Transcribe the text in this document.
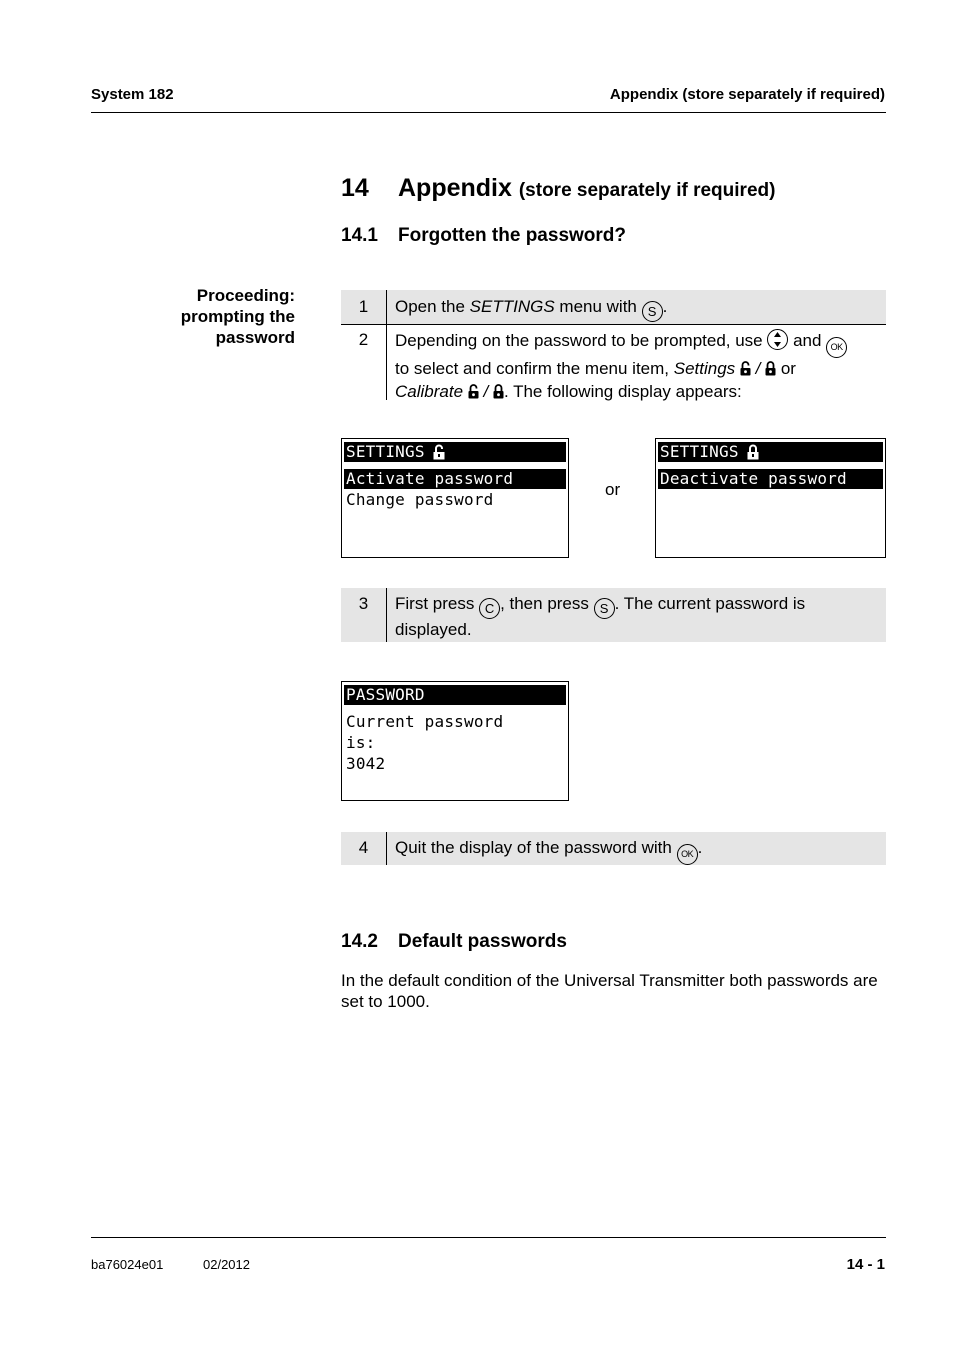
System 182	Appendix (store separately if required)
14 Appendix (store separately if required)
14.1 Forgotten the password?
Proceeding:
prompting the
password
1	Open the SETTINGS menu with S .
2	Depending on the password to be prompted, use
and OK
to select and confirm the menu item, Settings  /  or
Calibrate  / . The following display appears:
SETTINGS
Activate password
Change password
or
SETTINGS
Deactivate password
3	First press C , then press S . The current password is
displayed.
PASSWORD
Current password
is:
3042
4	Quit the display of the password with OK .
14.2 Default passwords
In the default condition of the Universal Transmitter both passwords are set to 1000.
ba76024e01	02/2012	14 - 1
